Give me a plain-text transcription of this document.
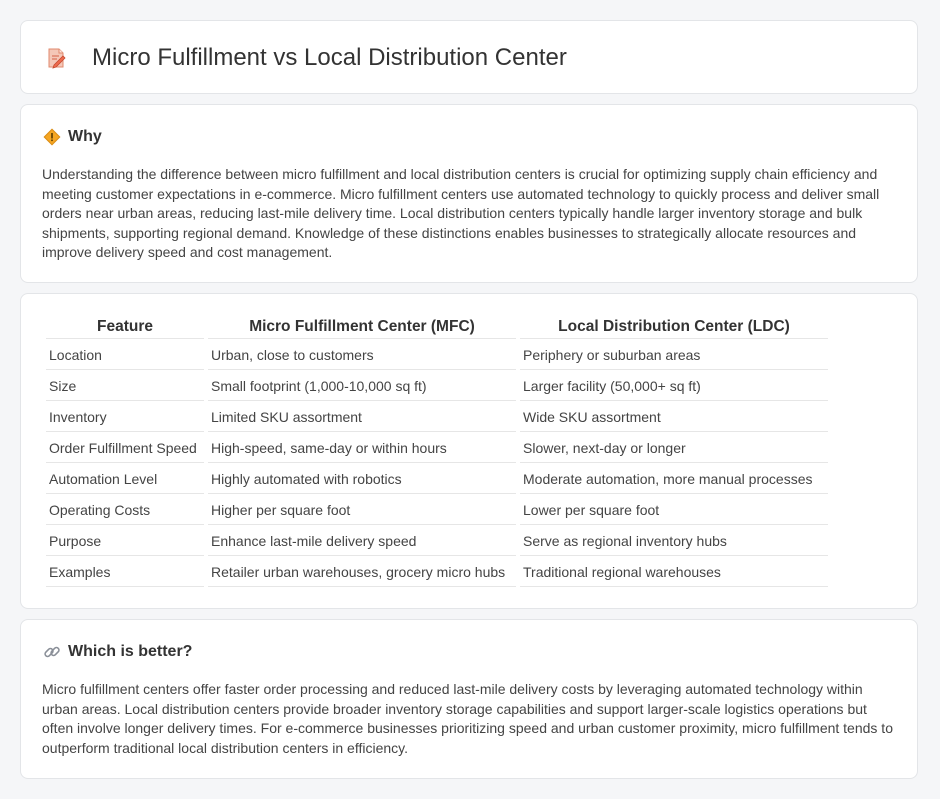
Micro Fulfillment vs Local Distribution Center
Why

Understanding the difference between micro fulfillment and local distribution centers is crucial for optimizing supply chain efficiency and meeting customer expectations in e-commerce. Micro fulfillment centers use automated technology to quickly process and deliver small orders near urban areas, reducing last-mile delivery time. Local distribution centers typically handle larger inventory storage and bulk shipments, supporting regional demand. Knowledge of these distinctions enables businesses to strategically allocate resources and improve delivery speed and cost management.

Feature	Micro Fulfillment Center (MFC)	Local Distribution Center (LDC)
Location	Urban, close to customers	Periphery or suburban areas
Size	Small footprint (1,000-10,000 sq ft)	Larger facility (50,000+ sq ft)
Inventory	Limited SKU assortment	Wide SKU assortment
Order Fulfillment Speed	High-speed, same-day or within hours	Slower, next-day or longer
Automation Level	Highly automated with robotics	Moderate automation, more manual processes
Operating Costs	Higher per square foot	Lower per square foot
Purpose	Enhance last-mile delivery speed	Serve as regional inventory hubs
Examples	Retailer urban warehouses, grocery micro hubs	Traditional regional warehouses
Which is better?

Micro fulfillment centers offer faster order processing and reduced last-mile delivery costs by leveraging automated technology within urban areas. Local distribution centers provide broader inventory storage capabilities and support larger-scale logistics operations but often involve longer delivery times. For e-commerce businesses prioritizing speed and urban customer proximity, micro fulfillment tends to outperform traditional local distribution centers in efficiency.
